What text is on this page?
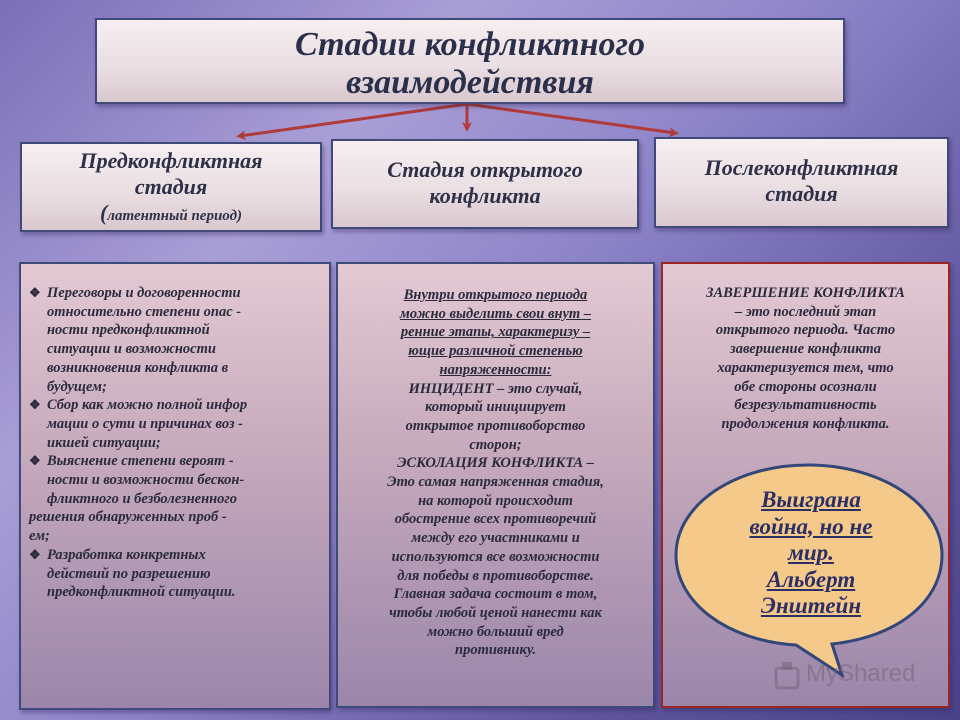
Стадии конфликтного
взаимодействия
Предконфликтная
стадия
(латентный период)
Стадия открытого
конфликта
Послеконфликтная
стадия
❖ Переговоры и договоренности
относительно степени опас -
ности предконфликтной
ситуации и возможности
возникновения конфликта в
будущем;
❖ Сбор как можно полной инфор
мации о сути и причинах воз -
икшей ситуации;
❖ Выяснение степени вероят -
ности и возможности бескон-
фликтного и безболезненного
решения обнаруженных проб -
ем;
❖ Разработка конкретных
действий по разрешению
предконфликтной ситуации.
Внутри открытого периода
можно выделить свои внут –
ренние этапы, характеризу –
ющие различной степенью
напряженности:
ИНЦИДЕНТ – это случай,
который инициирует
открытое противоборство
сторон;
ЭСКОЛАЦИЯ КОНФЛИКТА –
Это самая напряженная стадия,
на которой происходит
обострение всех противоречий
между его участниками и
используются все возможности
для победы в противоборстве.
Главная задача состоит в том,
чтобы любой ценой нанести как
можно больший вред
противнику.
ЗАВЕРШЕНИЕ КОНФЛИКТА
– это последний этап
открытого периода. Часто
завершение конфликта
характеризуется тем, что
обе стороны осознали
безрезультативность
продолжения конфликта.
Выиграна
война, но не
мир.
Альберт
Энштейн
MyShared
